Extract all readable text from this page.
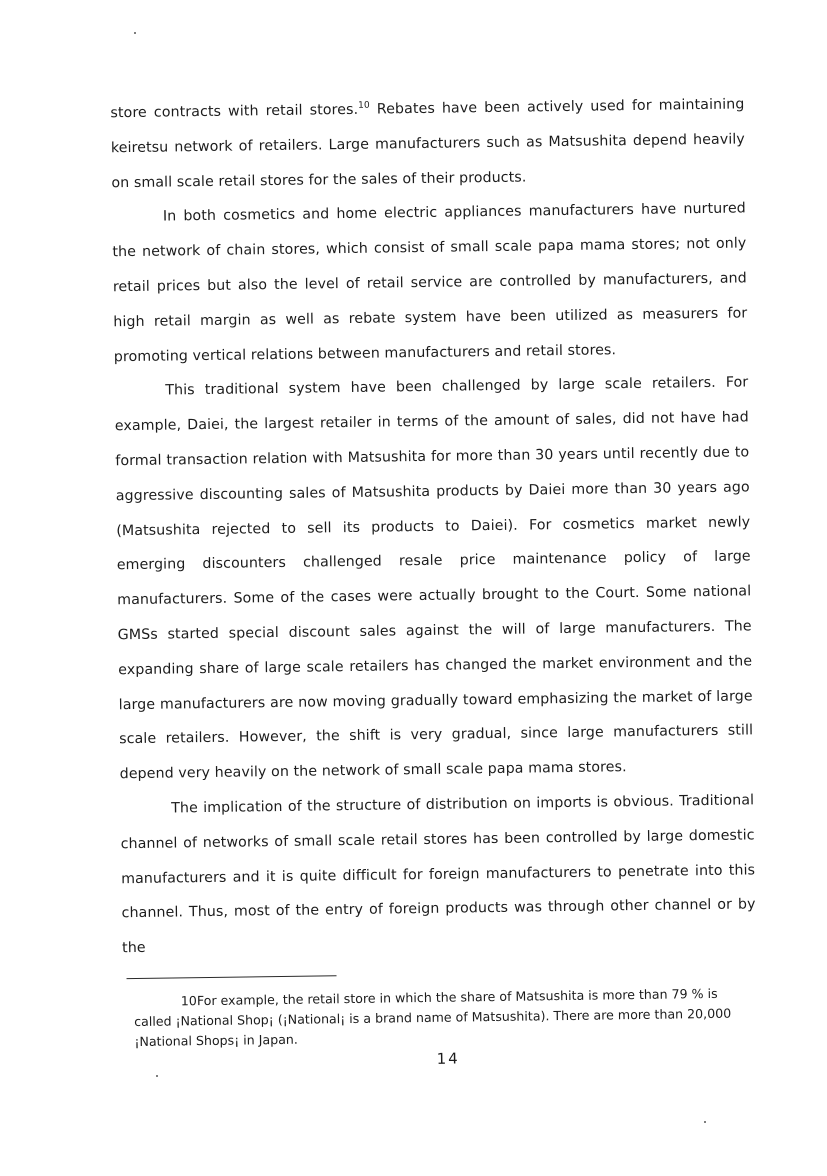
store contracts with retail stores.$^{10}$ Rebates have been actively used for maintaining keiretsu network of retailers. Large manufacturers such as Matsushita depend heavily on small scale retail stores for the sales of their products.

In both cosmetics and home electric appliances manufacturers have nurtured the network of chain stores, which consist of small scale papa mama stores; not only retail prices but also the level of retail service are controlled by manufacturers, and high retail margin as well as rebate system have been utilized as measurers for promoting vertical relations between manufacturers and retail stores.

This traditional system have been challenged by large scale retailers. For example, Daiei, the largest retailer in terms of the amount of sales, did not have had formal transaction relation with Matsushita for more than 30 years until recently due to aggressive discounting sales of Matsushita products by Daiei more than 30 years ago (Matsushita rejected to sell its products to Daiei). For cosmetics market newly emerging discounters challenged resale price maintenance policy of large manufacturers. Some of the cases were actually brought to the Court. Some national GMSs started special discount sales against the will of large manufacturers. The expanding share of large scale retailers has changed the market environment and the large manufacturers are now moving gradually toward emphasizing the market of large scale retailers. However, the shift is very gradual, since large manufacturers still depend very heavily on the network of small scale papa mama stores.

The implication of the structure of distribution on imports is obvious. Traditional channel of networks of small scale retail stores has been controlled by large domestic manufacturers and it is quite difficult for foreign manufacturers to penetrate into this channel. Thus, most of the entry of foreign products was through other channel or by the

10For example, the retail store in which the share of Matsushita is more than 79 % is called ¡National Shop¡ (¡National¡ is a brand name of Matsushita). There are more than 20,000 ¡National Shops¡ in Japan.

14
